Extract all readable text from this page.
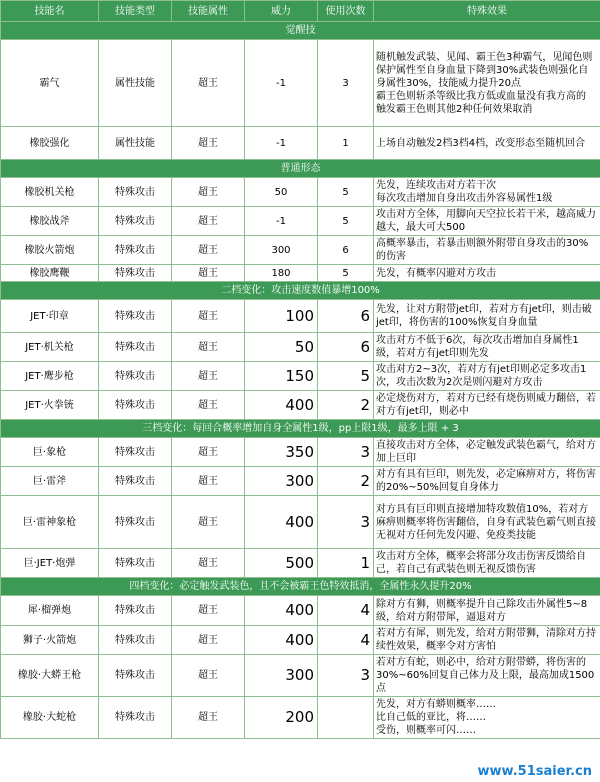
技能名	技能类型	技能属性	威力	使用次数	特殊效果
觉醒技					
霸气	属性技能	超王	-1	3	随机触发武装、见闻、霸王色3种霸气，见闻色则保护属性至自身血量下降到30%武装色则强化自身属性30%，技能威力提升20点
霸王色则斩杀等级比我方低或血量没有我方高的
触发霸王色则其他2种任何效果取消
橡胶强化	属性技能	超王	-1	1	上场自动触发2档3档4档，改变形态至随机回合
普通形态					
橡胶机关枪	特殊攻击	超王	50	5	先发，连续攻击对方若干次
每次攻击增加自身出攻击外容易属性1级
橡胶战斧	特殊攻击	超王	-1	5	攻击对方全体，用脚向天空拉长若干米，越高威力越大，最大可大500
橡胶火箭炮	特殊攻击	超王	300	6	高概率暴击，若暴击则额外附带自身攻击的30%的伤害
橡胶鹰鞭	特殊攻击	超王	180	5	先发，有概率闪避对方攻击
二档变化：攻击速度数值暴增100%					
JET·印章	特殊攻击	超王	100	6	先发，让对方附带jet印，若对方有jet印，则击破jet印，将伤害的100%恢复自身血量
JET·机关枪	特殊攻击	超王	50	6	攻击对方不低于6次，每次攻击增加自身属性1级，若对方有jet印则先发
JET·鹰步枪	特殊攻击	超王	150	5	攻击对方2~3次，若对方有jet印则必定多攻击1次，攻击次数为2次是则闪避对方攻击
JET·火拳铳	特殊攻击	超王	400	2	必定烧伤对方，若对方已经有烧伤则威力翻倍，若对方有jet印，则必中
三档变化：每回合概率增加自身全属性1级，pp上限1级，最多上限 + 3					
巨·象枪	特殊攻击	超王	350	3	直接攻击对方全体，必定触发武装色霸气，给对方加上巨印
巨·雷斧	特殊攻击	超王	300	2	对方有具有巨印，则先发，必定麻痹对方，将伤害的20%~50%回复自身体力
巨·雷神象枪	特殊攻击	超王	400	3	对方具有巨印则直接增加特攻数值10%，若对方麻痹则概率将伤害翻倍，自身有武装色霸气则直接无视对方任何先发闪避、免疫类技能
巨·JET·炮弹	特殊攻击	超王	500	1	攻击对方全体，概率会将部分攻击伤害反馈给自己，若自己有武装色则无视反馈伤害
四档变化：必定触发武装色，且不会被霸王色特效抵消，全属性永久提升20%					
犀·榴弹炮	特殊攻击	超王	400	4	除对方有狮，则概率提升自己除攻击外属性5~8级，给对方附带犀，逼退对方
狮子·火箭炮	特殊攻击	超王	400	4	若对方有犀，则先发，给对方附带狮，清除对方持续性效果，概率令对方害怕
橡胶·大蟒王枪	特殊攻击	超王	300	3	若对方有蛇，则必中，给对方附带蟒，将伤害的30%~60%回复自己体力及上限，最高加成1500点
橡胶·大蛇枪	特殊攻击	超王	200		先发，对方有蟒则概率……
比自己低的亚比，将……
受伤，则概率可闪……
www.51saier.cn
